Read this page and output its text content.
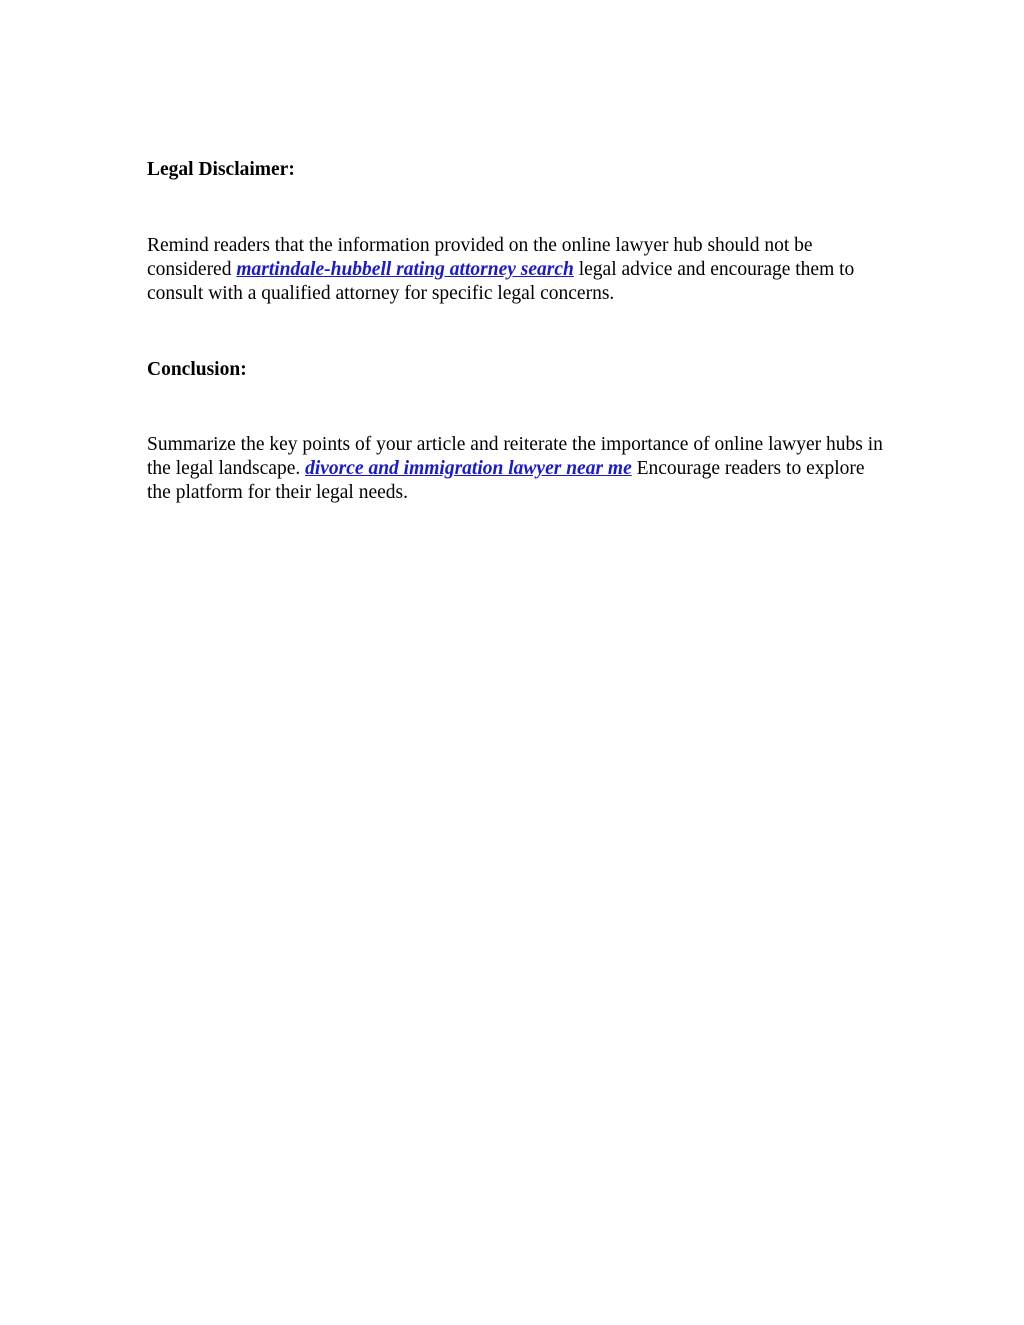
Legal Disclaimer:

Remind readers that the information provided on the online lawyer hub should not be considered martindale-hubbell rating attorney search legal advice and encourage them to consult with a qualified attorney for specific legal concerns.

Conclusion:

Summarize the key points of your article and reiterate the importance of online lawyer hubs in the legal landscape. divorce and immigration lawyer near me Encourage readers to explore the platform for their legal needs.
